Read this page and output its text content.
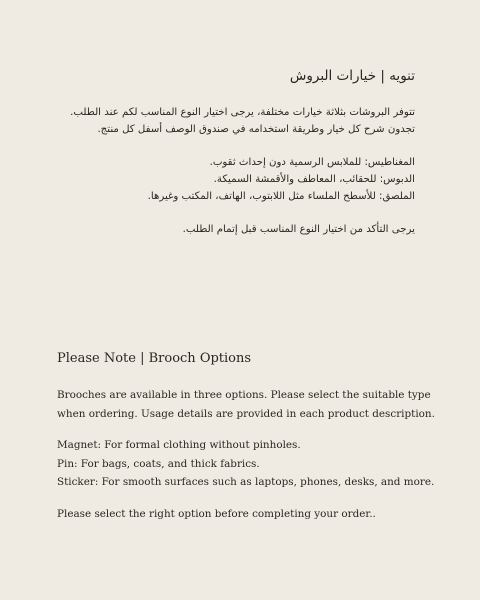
تنويه | خيارات البروش
تتوفر البروشات بثلاثة خيارات مختلفة، يرجى اختيار النوع المناسب لكم عند الطلب.
تجدون شرح كل خيار وطريقة استخدامه في صندوق الوصف أسفل كل منتج.
المغناطيس: للملابس الرسمية دون إحداث ثقوب.
الدبوس: للحقائب، المعاطف والأقمشة السميكة.
الملصق: للأسطح الملساء مثل اللابتوب، الهاتف، المكتب وغيرها.
يرجى التأكد من اختيار النوع المناسب قبل إتمام الطلب.
Please Note | Brooch Options
Brooches are available in three options. Please select the suitable type
when ordering. Usage details are provided in each product description.
Magnet: For formal clothing without pinholes.
Pin: For bags, coats, and thick fabrics.
Sticker: For smooth surfaces such as laptops, phones, desks, and more.
Please select the right option before completing your order..
